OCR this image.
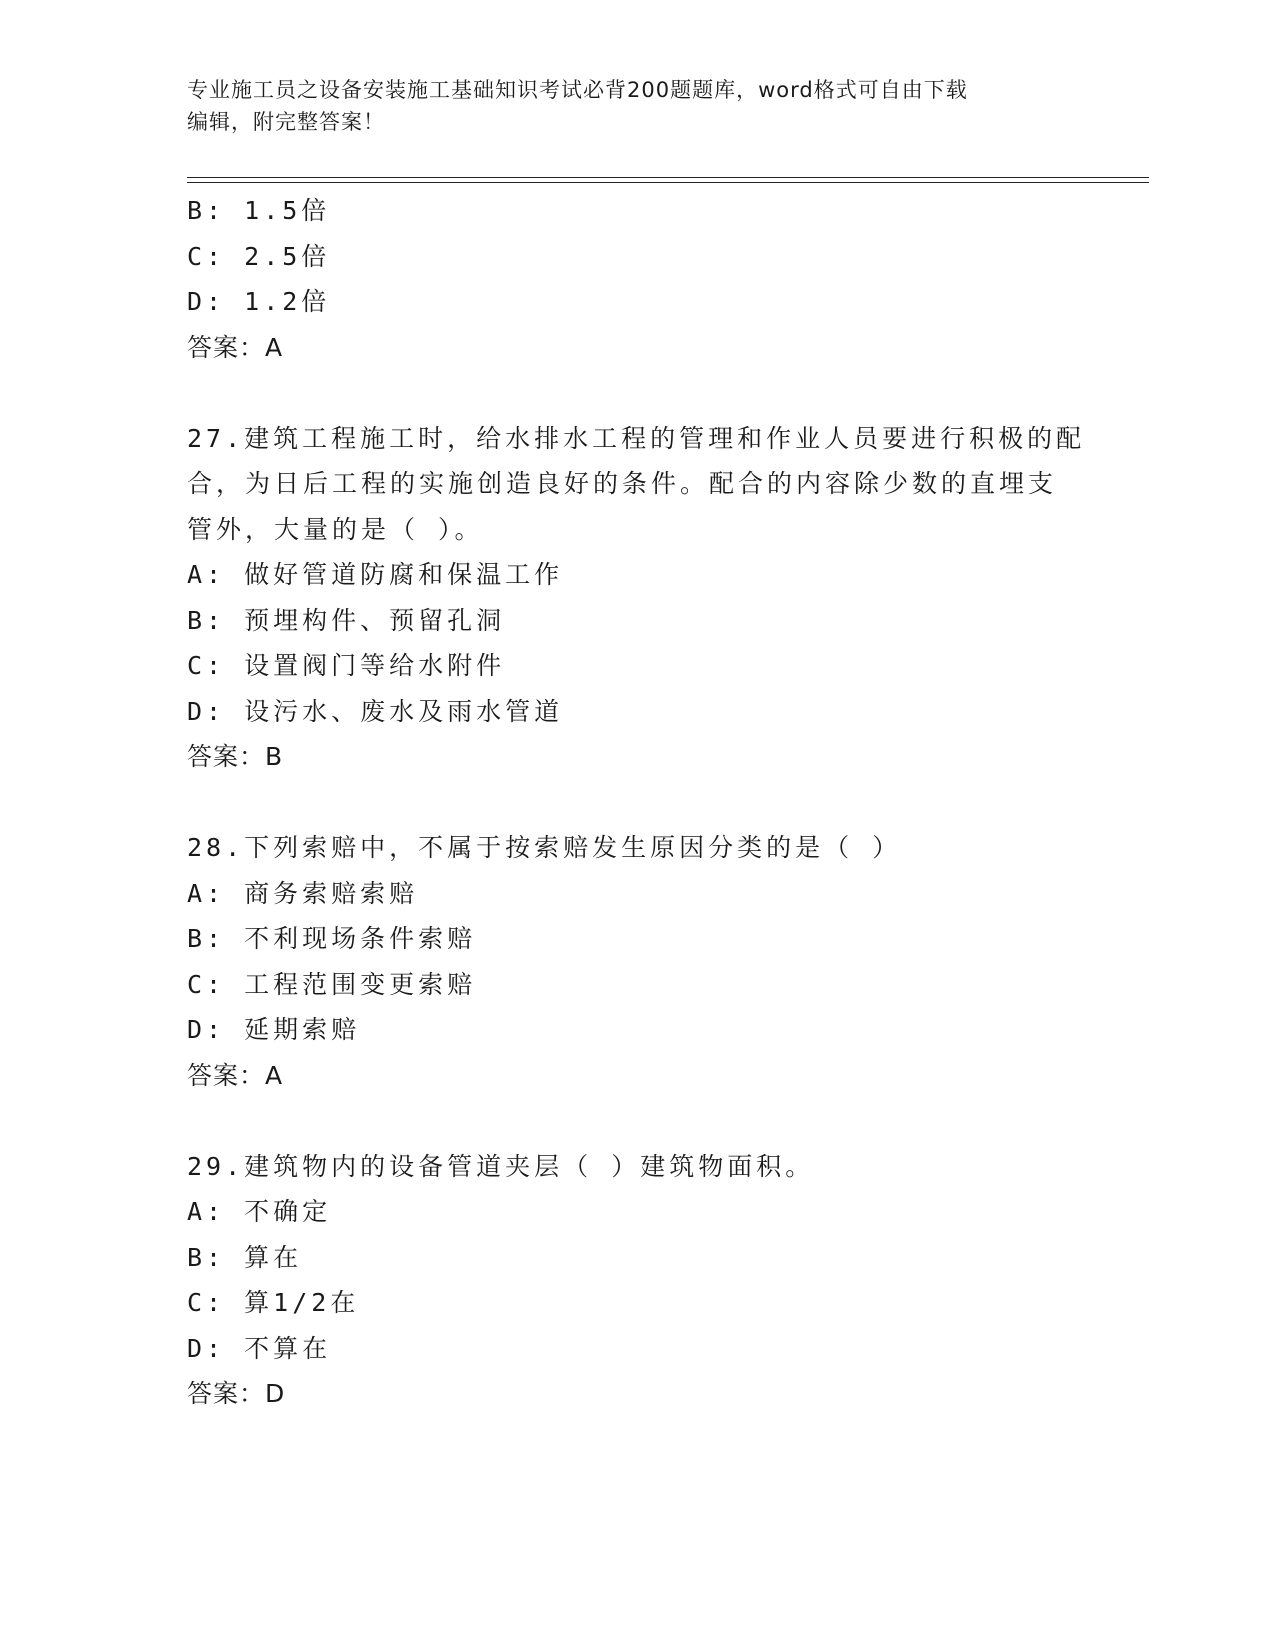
专业施工员之设备安装施工基础知识考试必背200题题库，word格式可自由下载
编辑，附完整答案！
B: 1.5倍
C: 2.5倍
D: 1.2倍
答案：A
27.建筑工程施工时，给水排水工程的管理和作业人员要进行积极的配
合，为日后工程的实施创造良好的条件。配合的内容除少数的直埋支
管外，大量的是（ ）。
A: 做好管道防腐和保温工作
B: 预埋构件、预留孔洞
C: 设置阀门等给水附件
D: 设污水、废水及雨水管道
答案：B
28.下列索赔中，不属于按索赔发生原因分类的是（ ）
A: 商务索赔索赔
B: 不利现场条件索赔
C: 工程范围变更索赔
D: 延期索赔
答案：A
29.建筑物内的设备管道夹层（ ）建筑物面积。
A: 不确定
B: 算在
C: 算1/2在
D: 不算在
答案：D
